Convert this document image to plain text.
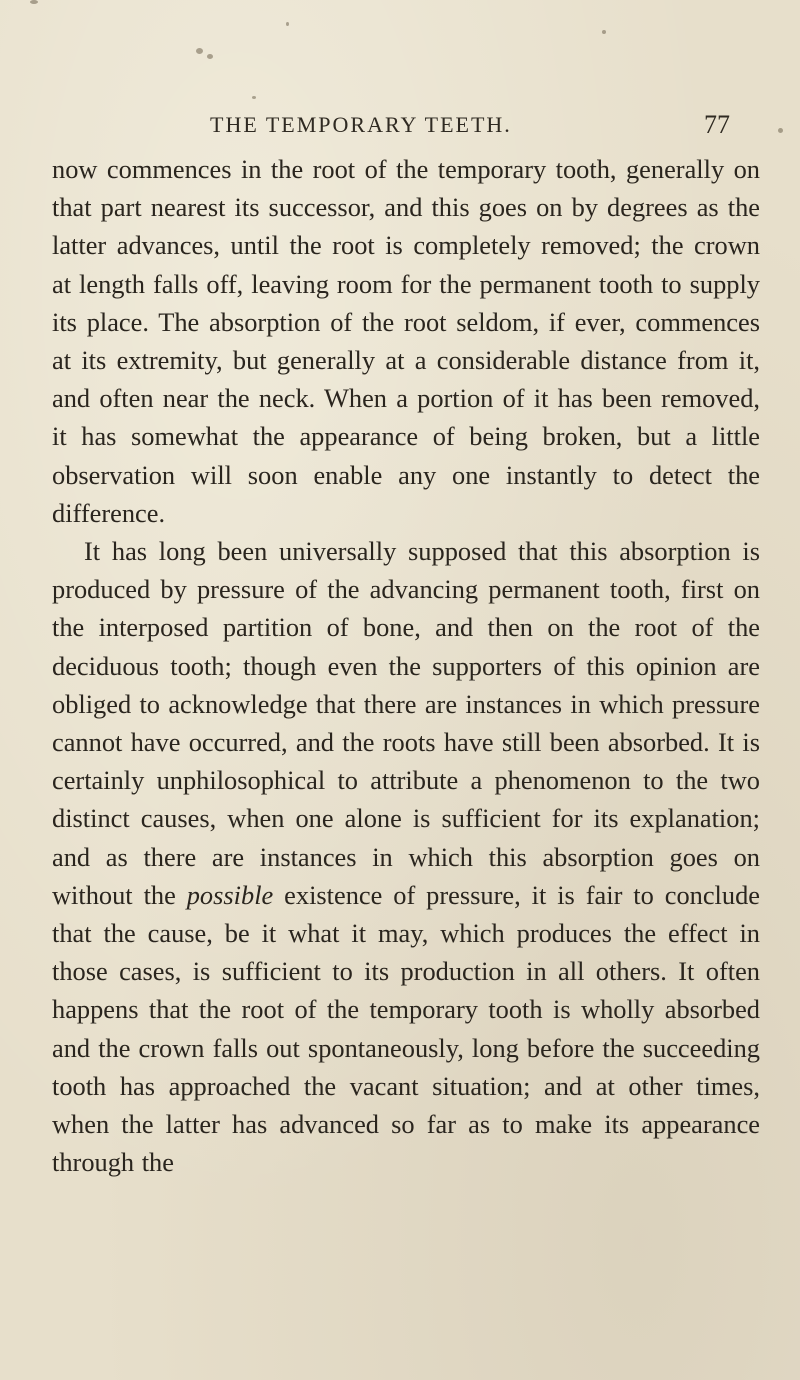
THE TEMPORARY TEETH.	77

now commences in the root of the temporary tooth, generally on that part nearest its successor, and this goes on by degrees as the latter advances, until the root is completely removed; the crown at length falls off, leaving room for the permanent tooth to supply its place. The absorption of the root seldom, if ever, commences at its extremity, but generally at a considerable distance from it, and often near the neck. When a portion of it has been removed, it has somewhat the appearance of being broken, but a little observation will soon enable any one instantly to detect the difference.

It has long been universally supposed that this absorption is produced by pressure of the advancing permanent tooth, first on the interposed partition of bone, and then on the root of the deciduous tooth; though even the supporters of this opinion are obliged to acknowledge that there are instances in which pressure cannot have occurred, and the roots have still been absorbed. It is certainly unphilosophical to attribute a phenomenon to the two distinct causes, when one alone is sufficient for its explanation; and as there are instances in which this absorption goes on without the possible existence of pressure, it is fair to conclude that the cause, be it what it may, which produces the effect in those cases, is sufficient to its production in all others. It often happens that the root of the temporary tooth is wholly absorbed and the crown falls out spontaneously, long before the succeeding tooth has approached the vacant situation; and at other times, when the latter has advanced so far as to make its appearance through the
